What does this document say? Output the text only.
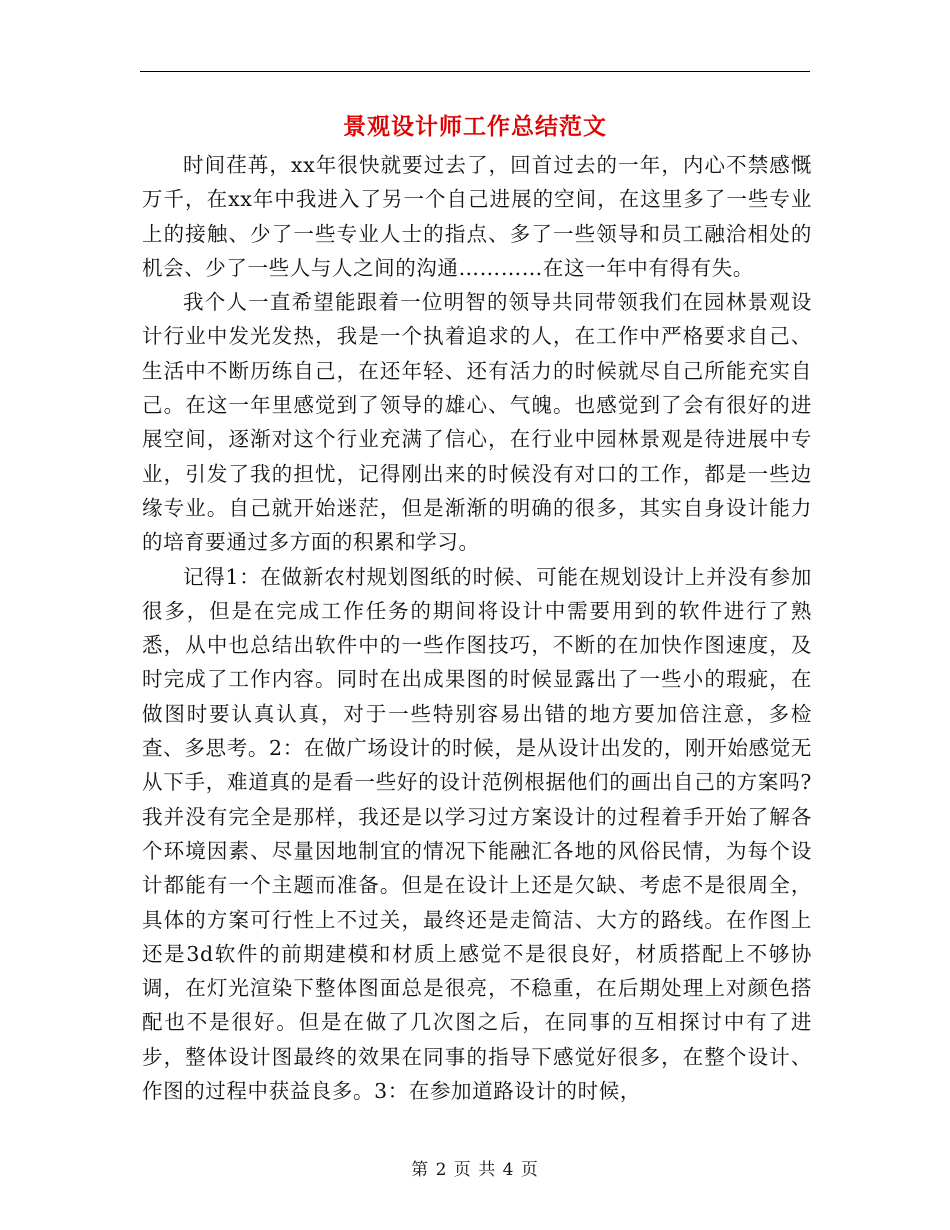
景观设计师工作总结范文

时间荏苒，xx年很快就要过去了，回首过去的一年，内心不禁感慨万千，在xx年中我进入了另一个自己进展的空间，在这里多了一些专业上的接触、少了一些专业人士的指点、多了一些领导和员工融洽相处的机会、少了一些人与人之间的沟通…………在这一年中有得有失。

我个人一直希望能跟着一位明智的领导共同带领我们在园林景观设计行业中发光发热，我是一个执着追求的人，在工作中严格要求自己、生活中不断历练自己，在还年轻、还有活力的时候就尽自己所能充实自己。在这一年里感觉到了领导的雄心、气魄。也感觉到了会有很好的进展空间，逐渐对这个行业充满了信心，在行业中园林景观是待进展中专业，引发了我的担忧，记得刚出来的时候没有对口的工作，都是一些边缘专业。自己就开始迷茫，但是渐渐的明确的很多，其实自身设计能力的培育要通过多方面的积累和学习。

记得1：在做新农村规划图纸的时候、可能在规划设计上并没有参加很多，但是在完成工作任务的期间将设计中需要用到的软件进行了熟悉，从中也总结出软件中的一些作图技巧，不断的在加快作图速度，及时完成了工作内容。同时在出成果图的时候显露出了一些小的瑕疵，在做图时要认真认真，对于一些特别容易出错的地方要加倍注意，多检查、多思考。2：在做广场设计的时候，是从设计出发的，刚开始感觉无从下手，难道真的是看一些好的设计范例根据他们的画出自己的方案吗?我并没有完全是那样，我还是以学习过方案设计的过程着手开始了解各个环境因素、尽量因地制宜的情况下能融汇各地的风俗民情，为每个设计都能有一个主题而准备。但是在设计上还是欠缺、考虑不是很周全，具体的方案可行性上不过关，最终还是走简洁、大方的路线。在作图上还是3d软件的前期建模和材质上感觉不是很良好，材质搭配上不够协调，在灯光渲染下整体图面总是很亮，不稳重，在后期处理上对颜色搭配也不是很好。但是在做了几次图之后，在同事的互相探讨中有了进步，整体设计图最终的效果在同事的指导下感觉好很多，在整个设计、作图的过程中获益良多。3：在参加道路设计的时候，

第 2 页 共 4 页
